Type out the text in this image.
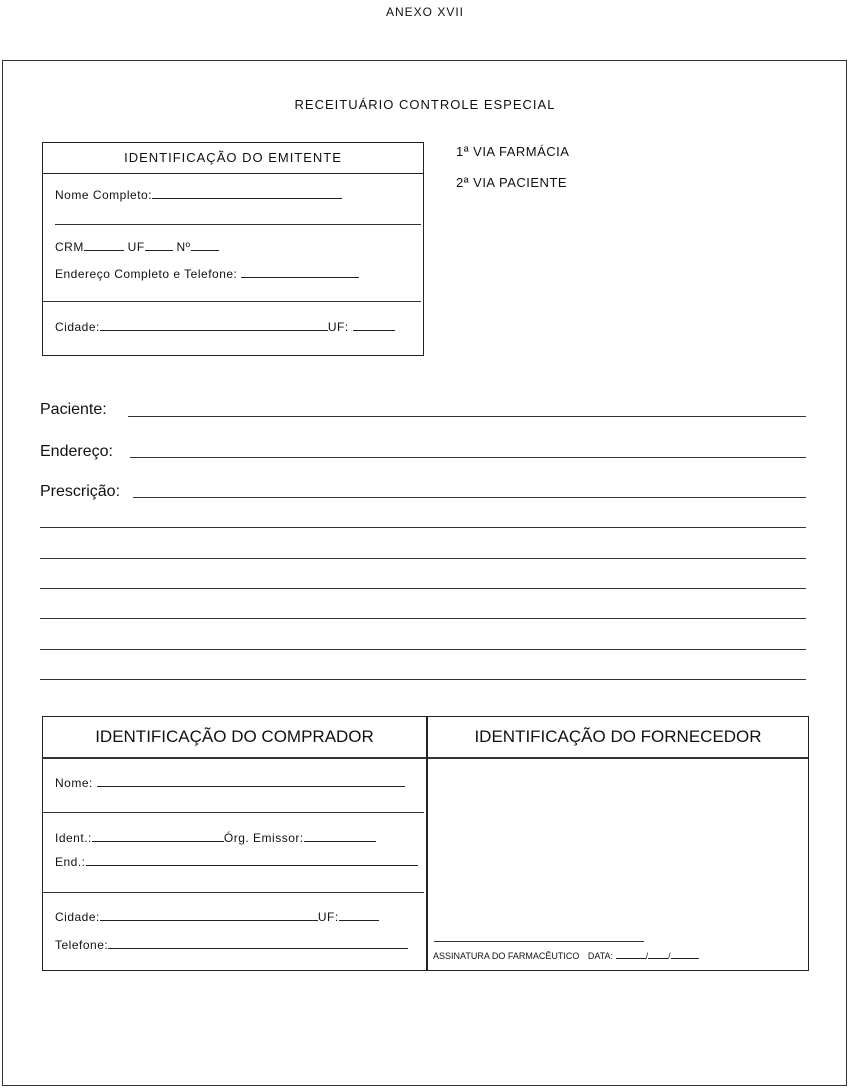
ANEXO XVII
RECEITUÁRIO CONTROLE ESPECIAL
1ª VIA FARMÁCIA
2ª VIA PACIENTE
IDENTIFICAÇÃO DO EMITENTE
Nome Completo:
CRM	UF	Nº
Endereço Completo e Telefone:
Cidade:	UF:
Paciente:
Endereço:
Prescrição:
IDENTIFICAÇÃO DO COMPRADOR
Nome:
Ident.:	Órg. Emissor:
End.:
Cidade:	UF:
Telefone:
IDENTIFICAÇÃO DO FORNECEDOR
ASSINATURA DO FARMACÊUTICO DATA:	/ /
